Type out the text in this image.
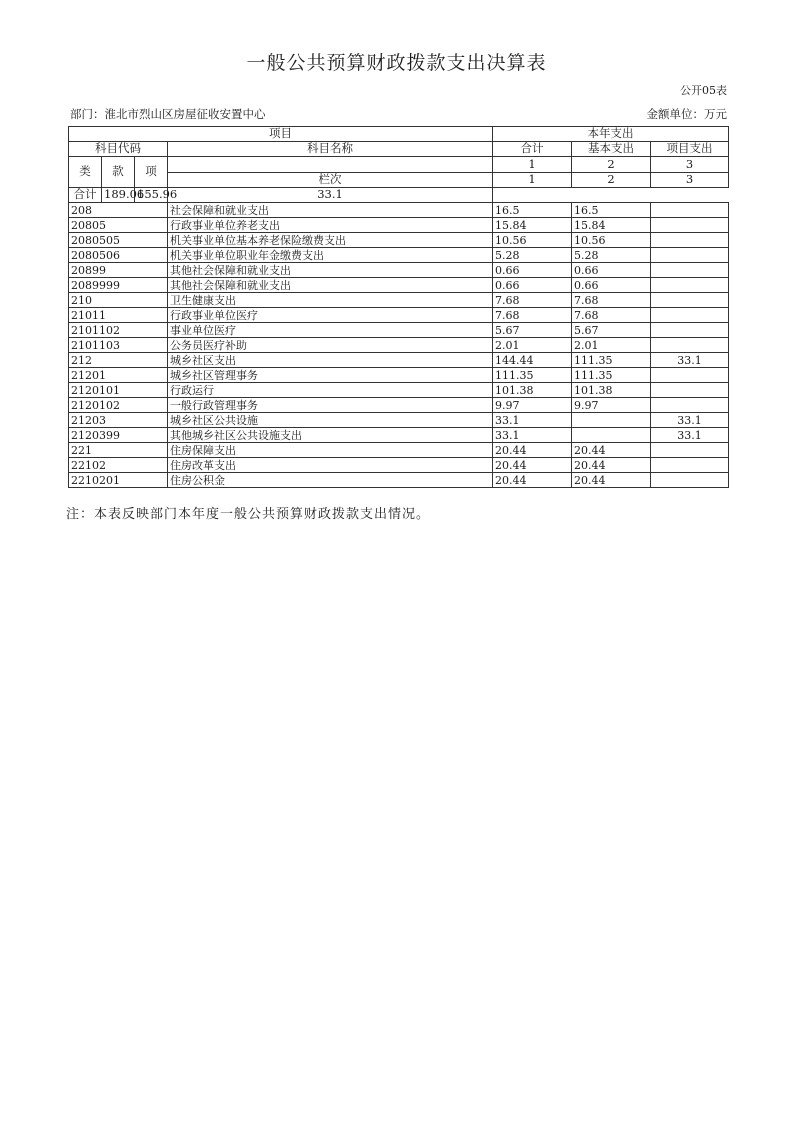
一般公共预算财政拨款支出决算表
公开05表
部门：淮北市烈山区房屋征收安置中心	金额单位：万元
项目				本年支出		
科目代码			科目名称	合计	基本支出	项目支出
类	款	项				
				1	2	3
			栏次	1	2	3
合计	189.06	155.96	33.1			
208			社会保障和就业支出	16.5	16.5	
20805			行政事业单位养老支出	15.84	15.84	
2080505			机关事业单位基本养老保险缴费支出	10.56	10.56	
2080506			机关事业单位职业年金缴费支出	5.28	5.28	
20899			其他社会保障和就业支出	0.66	0.66	
2089999			其他社会保障和就业支出	0.66	0.66	
210			卫生健康支出	7.68	7.68	
21011			行政事业单位医疗	7.68	7.68	
2101102			事业单位医疗	5.67	5.67	
2101103			公务员医疗补助	2.01	2.01	
212			城乡社区支出	144.44	111.35	33.1
21201			城乡社区管理事务	111.35	111.35	
2120101			行政运行	101.38	101.38	
2120102			一般行政管理事务	9.97	9.97	
21203			城乡社区公共设施	33.1		33.1
2120399			其他城乡社区公共设施支出	33.1		33.1
221			住房保障支出	20.44	20.44	
22102			住房改革支出	20.44	20.44	
2210201			住房公积金	20.44	20.44	
注：本表反映部门本年度一般公共预算财政拨款支出情况。
